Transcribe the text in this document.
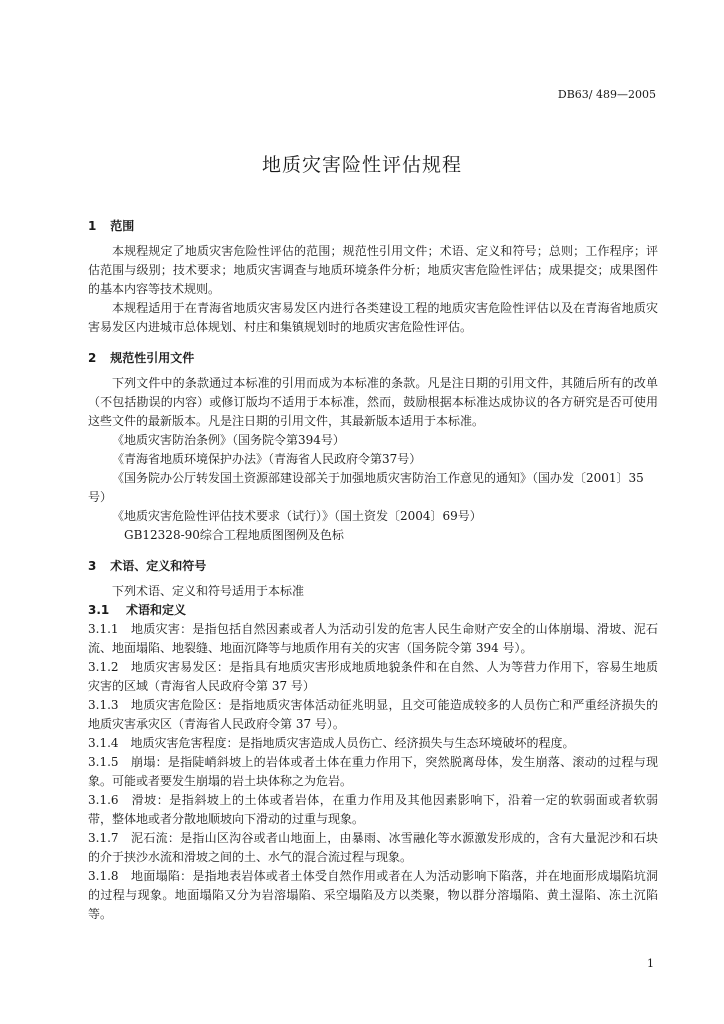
DB63/ 489—2005
地质灾害险性评估规程
1 范围

本规程规定了地质灾害危险性评估的范围；规范性引用文件；术语、定义和符号；总则；工作程序；评估范围与级别；技术要求；地质灾害调查与地质环境条件分析；地质灾害危险性评估；成果提交；成果图件的基本内容等技术规则。

本规程适用于在青海省地质灾害易发区内进行各类建设工程的地质灾害危险性评估以及在青海省地质灾害易发区内进城市总体规划、村庄和集镇规划时的地质灾害危险性评估。

2 规范性引用文件

下列文件中的条款通过本标准的引用而成为本标准的条款。凡是注日期的引用文件，其随后所有的改单（不包括勘误的内容）或修订版均不适用于本标准，然而，鼓励根据本标准达成协议的各方研究是否可使用这些文件的最新版本。凡是注日期的引用文件，其最新版本适用于本标准。

《地质灾害防治条例》（国务院令第394号）

《青海省地质环境保护办法》（青海省人民政府令第37号）

《国务院办公厅转发国土资源部建设部关于加强地质灾害防治工作意见的通知》（国办发〔2001〕35号）

《地质灾害危险性评估技术要求（试行）》（国土资发〔2004〕69号）

GB12328-90综合工程地质图图例及色标

3 术语、定义和符号

下列术语、定义和符号适用于本标准

3.1 术语和定义

3.1.1　地质灾害：是指包括自然因素或者人为活动引发的危害人民生命财产安全的山体崩塌、滑坡、泥石流、地面塌陷、地裂缝、地面沉降等与地质作用有关的灾害（国务院令第 394 号）。

3.1.2　地质灾害易发区：是指具有地质灾害形成地质地貌条件和在自然、人为等营力作用下，容易生地质灾害的区域（青海省人民政府令第 37 号）

3.1.3　地质灾害危险区：是指地质灾害体活动征兆明显，且交可能造成较多的人员伤亡和严重经济损失的地质灾害承灾区（青海省人民政府令第 37 号）。

3.1.4　地质灾害危害程度：是指地质灾害造成人员伤亡、经济损失与生态环境破坏的程度。

3.1.5　崩塌：是指陡峭斜坡上的岩体或者土体在重力作用下，突然脱离母体，发生崩落、滚动的过程与现象。可能或者要发生崩塌的岩土块体称之为危岩。

3.1.6　滑坡：是指斜坡上的土体或者岩体，在重力作用及其他因素影响下，沿着一定的软弱面或者软弱带，整体地或者分散地顺坡向下滑动的过重与现象。

3.1.7　泥石流：是指山区沟谷或者山地面上，由暴雨、冰雪融化等水源激发形成的，含有大量泥沙和石块的介于挟沙水流和滑坡之间的土、水气的混合流过程与现象。

3.1.8　地面塌陷：是指地表岩体或者土体受自然作用或者在人为活动影响下陷落，并在地面形成塌陷坑洞的过程与现象。地面塌陷又分为岩溶塌陷、采空塌陷及方以类聚，物以群分溶塌陷、黄土湿陷、冻土沉陷等。

1
